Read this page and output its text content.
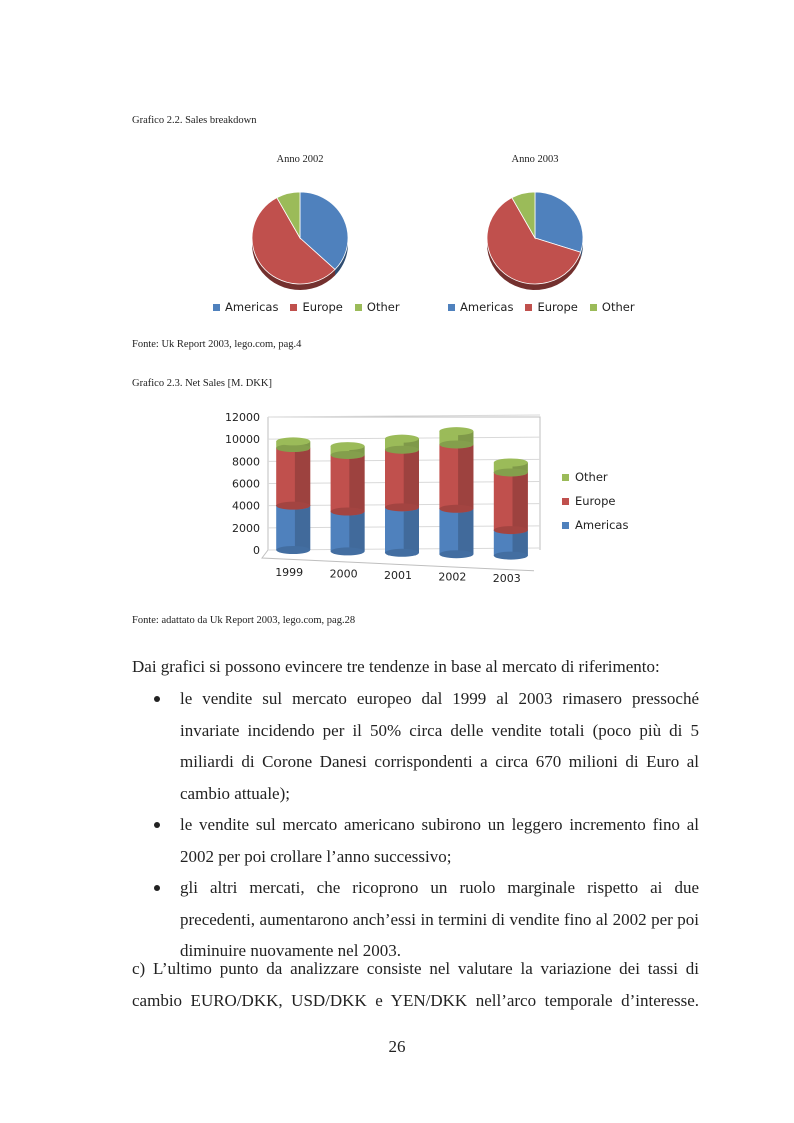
Grafico 2.2. Sales breakdown
Anno 2002	Anno 2003
Americas Europe Other	Americas Europe Other
Fonte: Uk Report 2003, lego.com, pag.4
Grafico 2.3. Net Sales [M. DKK]
0
2000
4000
6000
8000
10000
12000
1999 2000 2001 2002 2003
Other
Europe
Americas
Fonte: adattato da Uk Report 2003, lego.com, pag.28
Dai grafici si possono evincere tre tendenze in base al mercato di riferimento:
le vendite sul mercato europeo dal 1999 al 2003 rimasero pressoché invariate incidendo per il 50% circa delle vendite totali (poco più di 5 miliardi di Corone Danesi corrispondenti a circa 670 milioni di Euro al cambio attuale);
le vendite sul mercato americano subirono un leggero incremento fino al 2002 per poi crollare l’anno successivo;
gli altri mercati, che ricoprono un ruolo marginale rispetto ai due precedenti, aumentarono anch’essi in termini di vendite fino al 2002 per poi diminuire nuovamente nel 2003.
c) L’ultimo punto da analizzare consiste nel valutare la variazione dei tassi di
cambio EURO/DKK, USD/DKK e YEN/DKK nell’arco temporale d’interesse.
26
